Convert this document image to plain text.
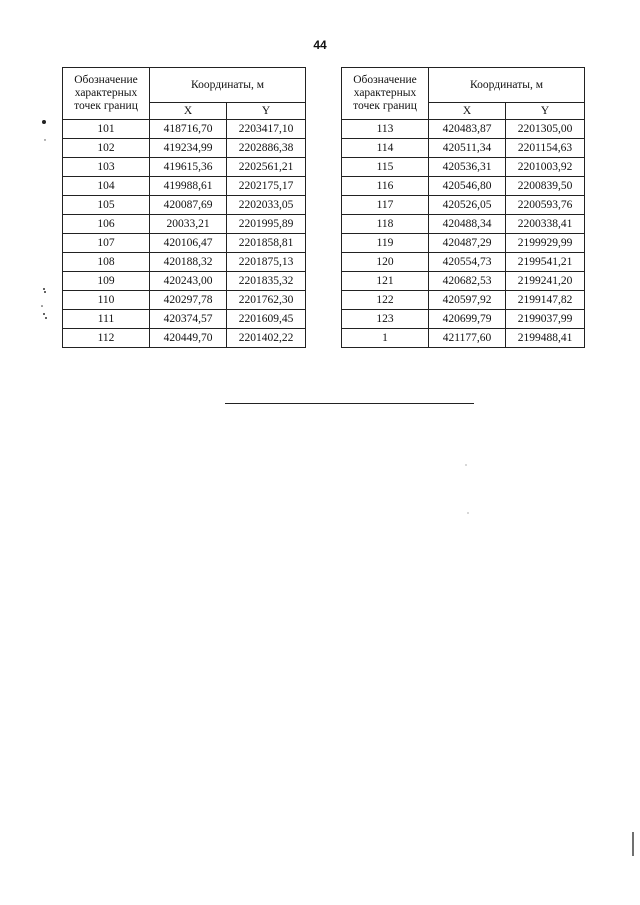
44
Обозначение характерных точек границ	Координаты, м	
	X	Y
101	418716,70	2203417,10
102	419234,99	2202886,38
103	419615,36	2202561,21
104	419988,61	2202175,17
105	420087,69	2202033,05
106	20033,21	2201995,89
107	420106,47	2201858,81
108	420188,32	2201875,13
109	420243,00	2201835,32
110	420297,78	2201762,30
111	420374,57	2201609,45
112	420449,70	2201402,22
Обозначение характерных точек границ	Координаты, м	
	X	Y
113	420483,87	2201305,00
114	420511,34	2201154,63
115	420536,31	2201003,92
116	420546,80	2200839,50
117	420526,05	2200593,76
118	420488,34	2200338,41
119	420487,29	2199929,99
120	420554,73	2199541,21
121	420682,53	2199241,20
122	420597,92	2199147,82
123	420699,79	2199037,99
1	421177,60	2199488,41
